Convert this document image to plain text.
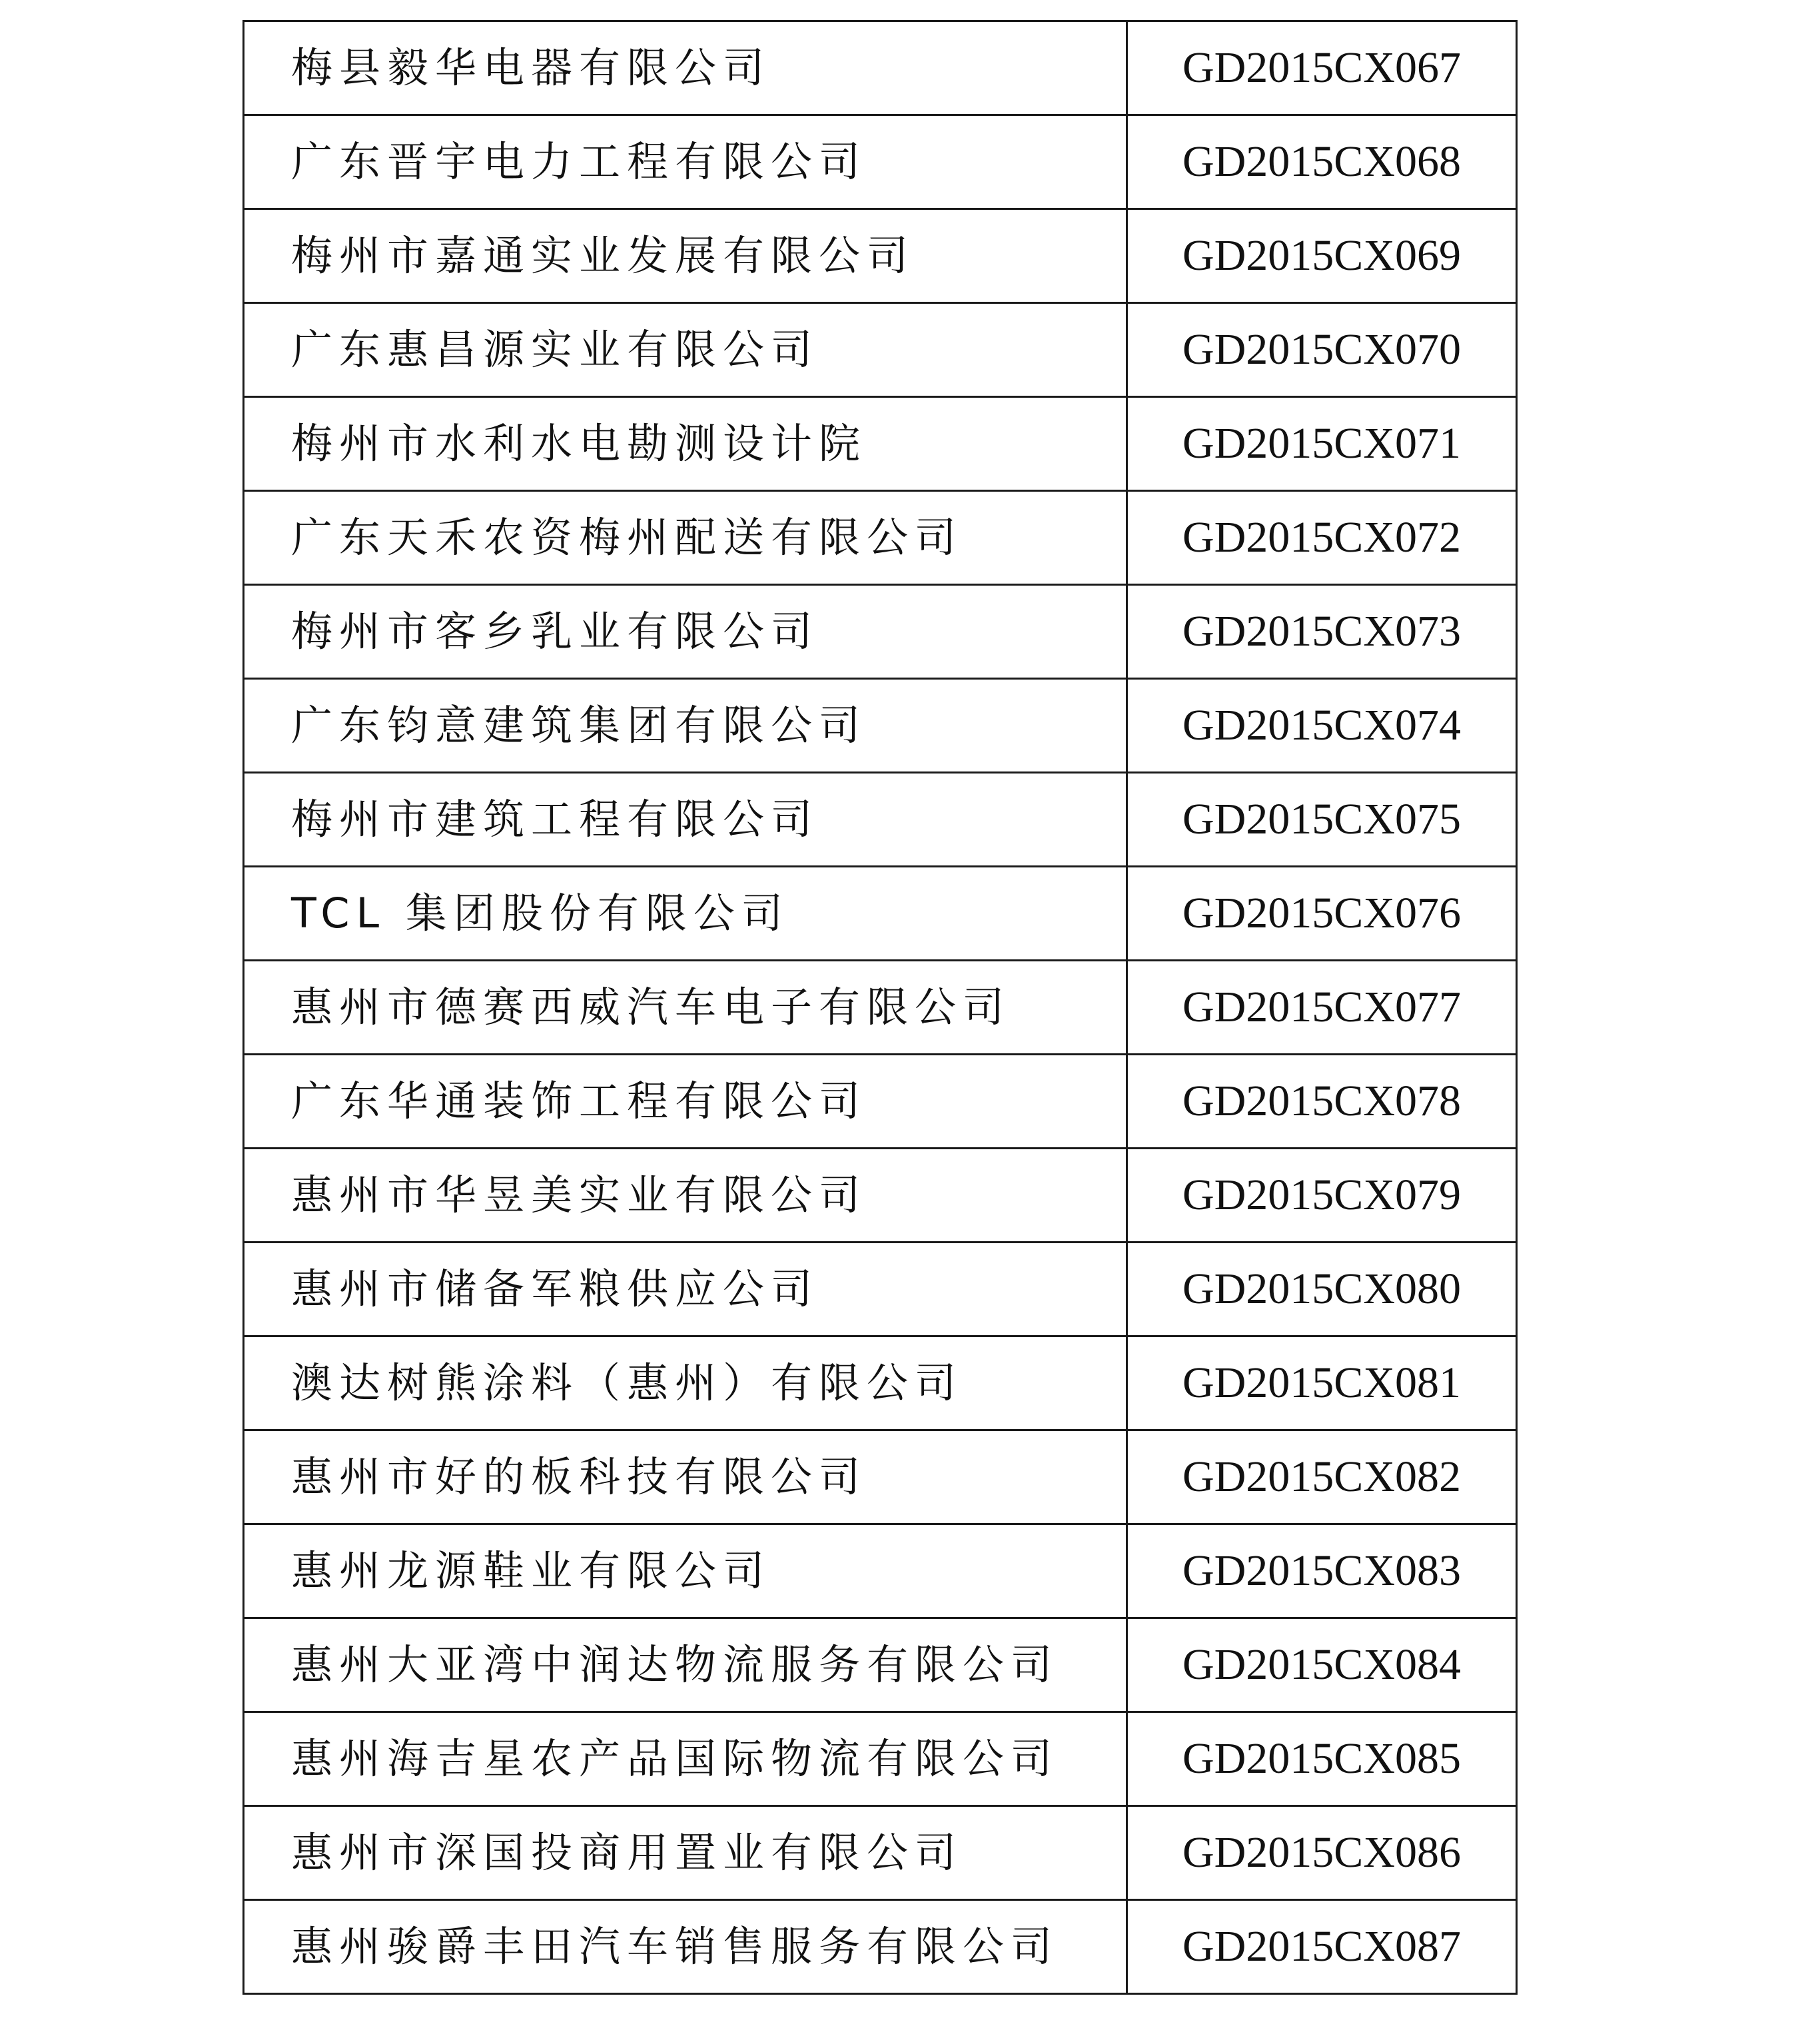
梅县毅华电器有限公司	GD2015CX067
广东晋宇电力工程有限公司	GD2015CX068
梅州市嘉通实业发展有限公司	GD2015CX069
广东惠昌源实业有限公司	GD2015CX070
梅州市水利水电勘测设计院	GD2015CX071
广东天禾农资梅州配送有限公司	GD2015CX072
梅州市客乡乳业有限公司	GD2015CX073
广东钧意建筑集团有限公司	GD2015CX074
梅州市建筑工程有限公司	GD2015CX075
TCL 集团股份有限公司	GD2015CX076
惠州市德赛西威汽车电子有限公司	GD2015CX077
广东华通装饰工程有限公司	GD2015CX078
惠州市华昱美实业有限公司	GD2015CX079
惠州市储备军粮供应公司	GD2015CX080
澳达树熊涂料（惠州）有限公司	GD2015CX081
惠州市好的板科技有限公司	GD2015CX082
惠州龙源鞋业有限公司	GD2015CX083
惠州大亚湾中润达物流服务有限公司	GD2015CX084
惠州海吉星农产品国际物流有限公司	GD2015CX085
惠州市深国投商用置业有限公司	GD2015CX086
惠州骏爵丰田汽车销售服务有限公司	GD2015CX087
